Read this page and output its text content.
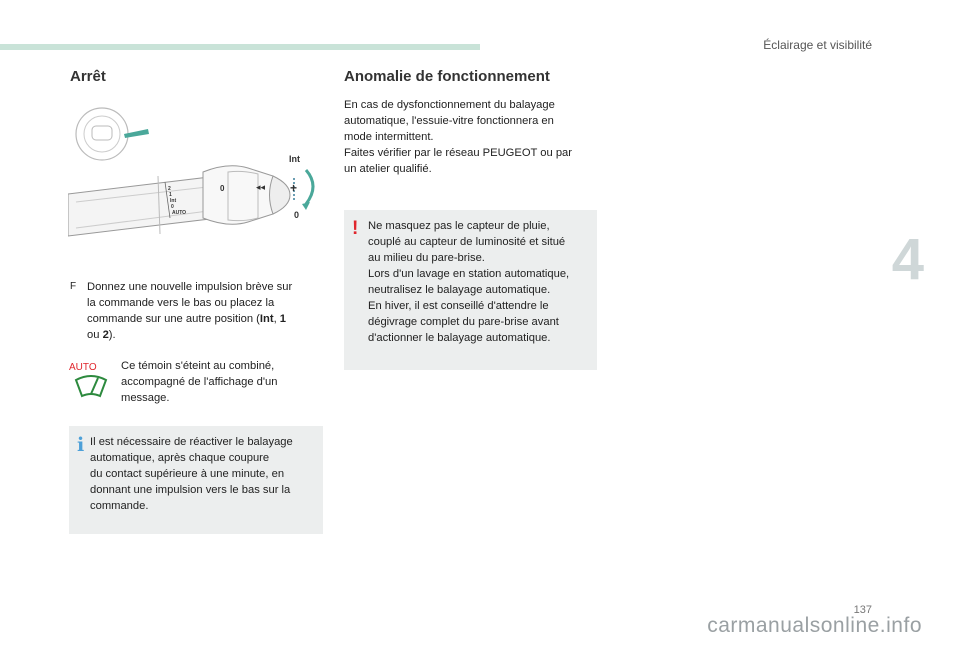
Éclairage et visibilité
4
Arrêt	Anomalie de fonctionnement
+
◂◂
Int
0
0
2
1
Int
0
AUTO
F Donnez une nouvelle impulsion brève sur
la commande vers le bas ou placez la
commande sur une autre position (Int, 1
ou 2).
AUTO Ce témoin s'éteint au combiné,
accompagné de l'affichage d'un
message.
i Il est nécessaire de réactiver le balayage
automatique, après chaque coupure
du contact supérieure à une minute, en
donnant une impulsion vers le bas sur la
commande.
En cas de dysfonctionnement du balayage
automatique, l'essuie-vitre fonctionnera en
mode intermittent.
Faites vérifier par le réseau PEUGEOT ou par
un atelier qualifié.
! Ne masquez pas le capteur de pluie,
couplé au capteur de luminosité et situé
au milieu du pare-brise.
Lors d'un lavage en station automatique,
neutralisez le balayage automatique.
En hiver, il est conseillé d'attendre le
dégivrage complet du pare-brise avant
d'actionner le balayage automatique.
137
carmanualsonline.info
